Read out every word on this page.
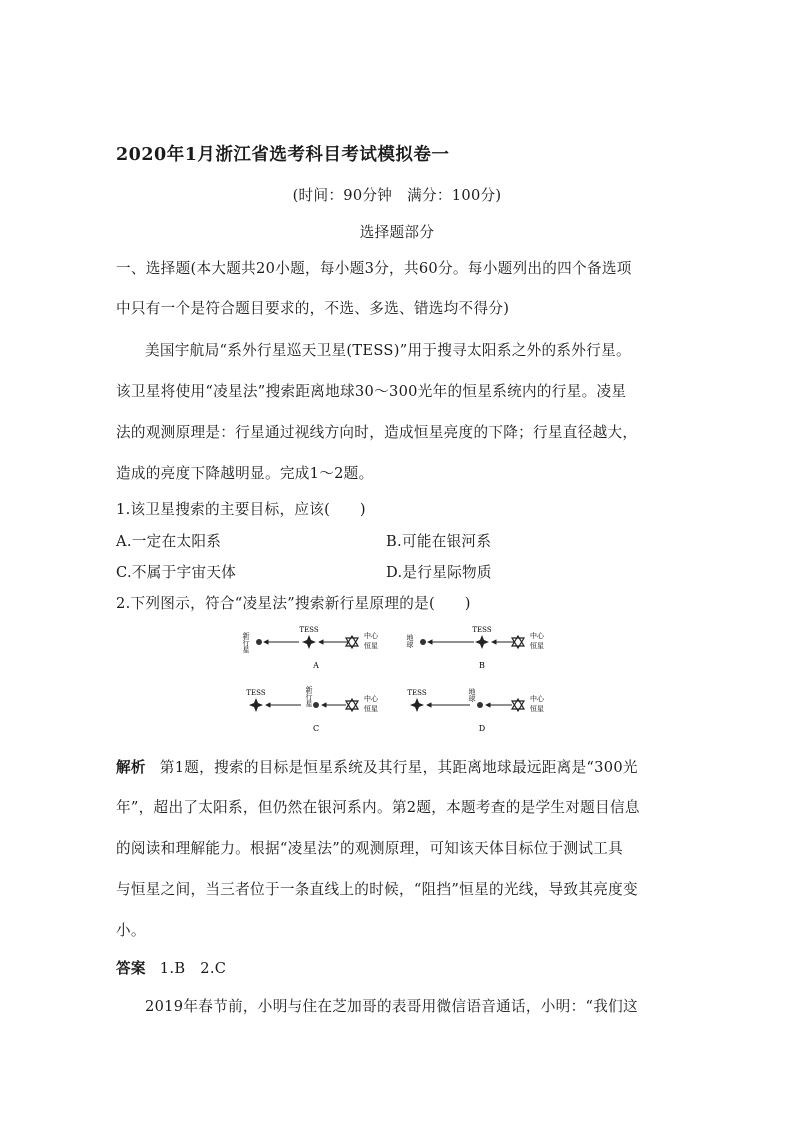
2020年1月浙江省选考科目考试模拟卷一
(时间：90分钟　满分：100分)
选择题部分
一、选择题(本大题共20小题，每小题3分，共60分。每小题列出的四个备选项
中只有一个是符合题目要求的，不选、多选、错选均不得分)
美国宇航局“系外行星巡天卫星(TESS)”用于搜寻太阳系之外的系外行星。
该卫星将使用“凌星法”搜索距离地球30～300光年的恒星系统内的行星。凌星
法的观测原理是：行星通过视线方向时，造成恒星亮度的下降；行星直径越大，
造成的亮度下降越明显。完成1～2题。
1.该卫星搜索的主要目标，应该(　　)
A.一定在太阳系	B.可能在银河系
C.不属于宇宙天体	D.是行星际物质
2.下列图示，符合“凌星法”搜索新行星原理的是(　　)
新行星
TESS
中心
恒星
A
地球
TESS
中心
恒星
B
TESS	新行星	中心
恒星
C
TESS	地球	中心
恒星
D
解析 第1题，搜索的目标是恒星系统及其行星，其距离地球最远距离是“300光
年”，超出了太阳系，但仍然在银河系内。第2题，本题考查的是学生对题目信息
的阅读和理解能力。根据“凌星法”的观测原理，可知该天体目标位于测试工具
与恒星之间，当三者位于一条直线上的时候，“阻挡”恒星的光线，导致其亮度变
小。
答案 1.B　2.C
2019年春节前，小明与住在芝加哥的表哥用微信语音通话，小明：“我们这
